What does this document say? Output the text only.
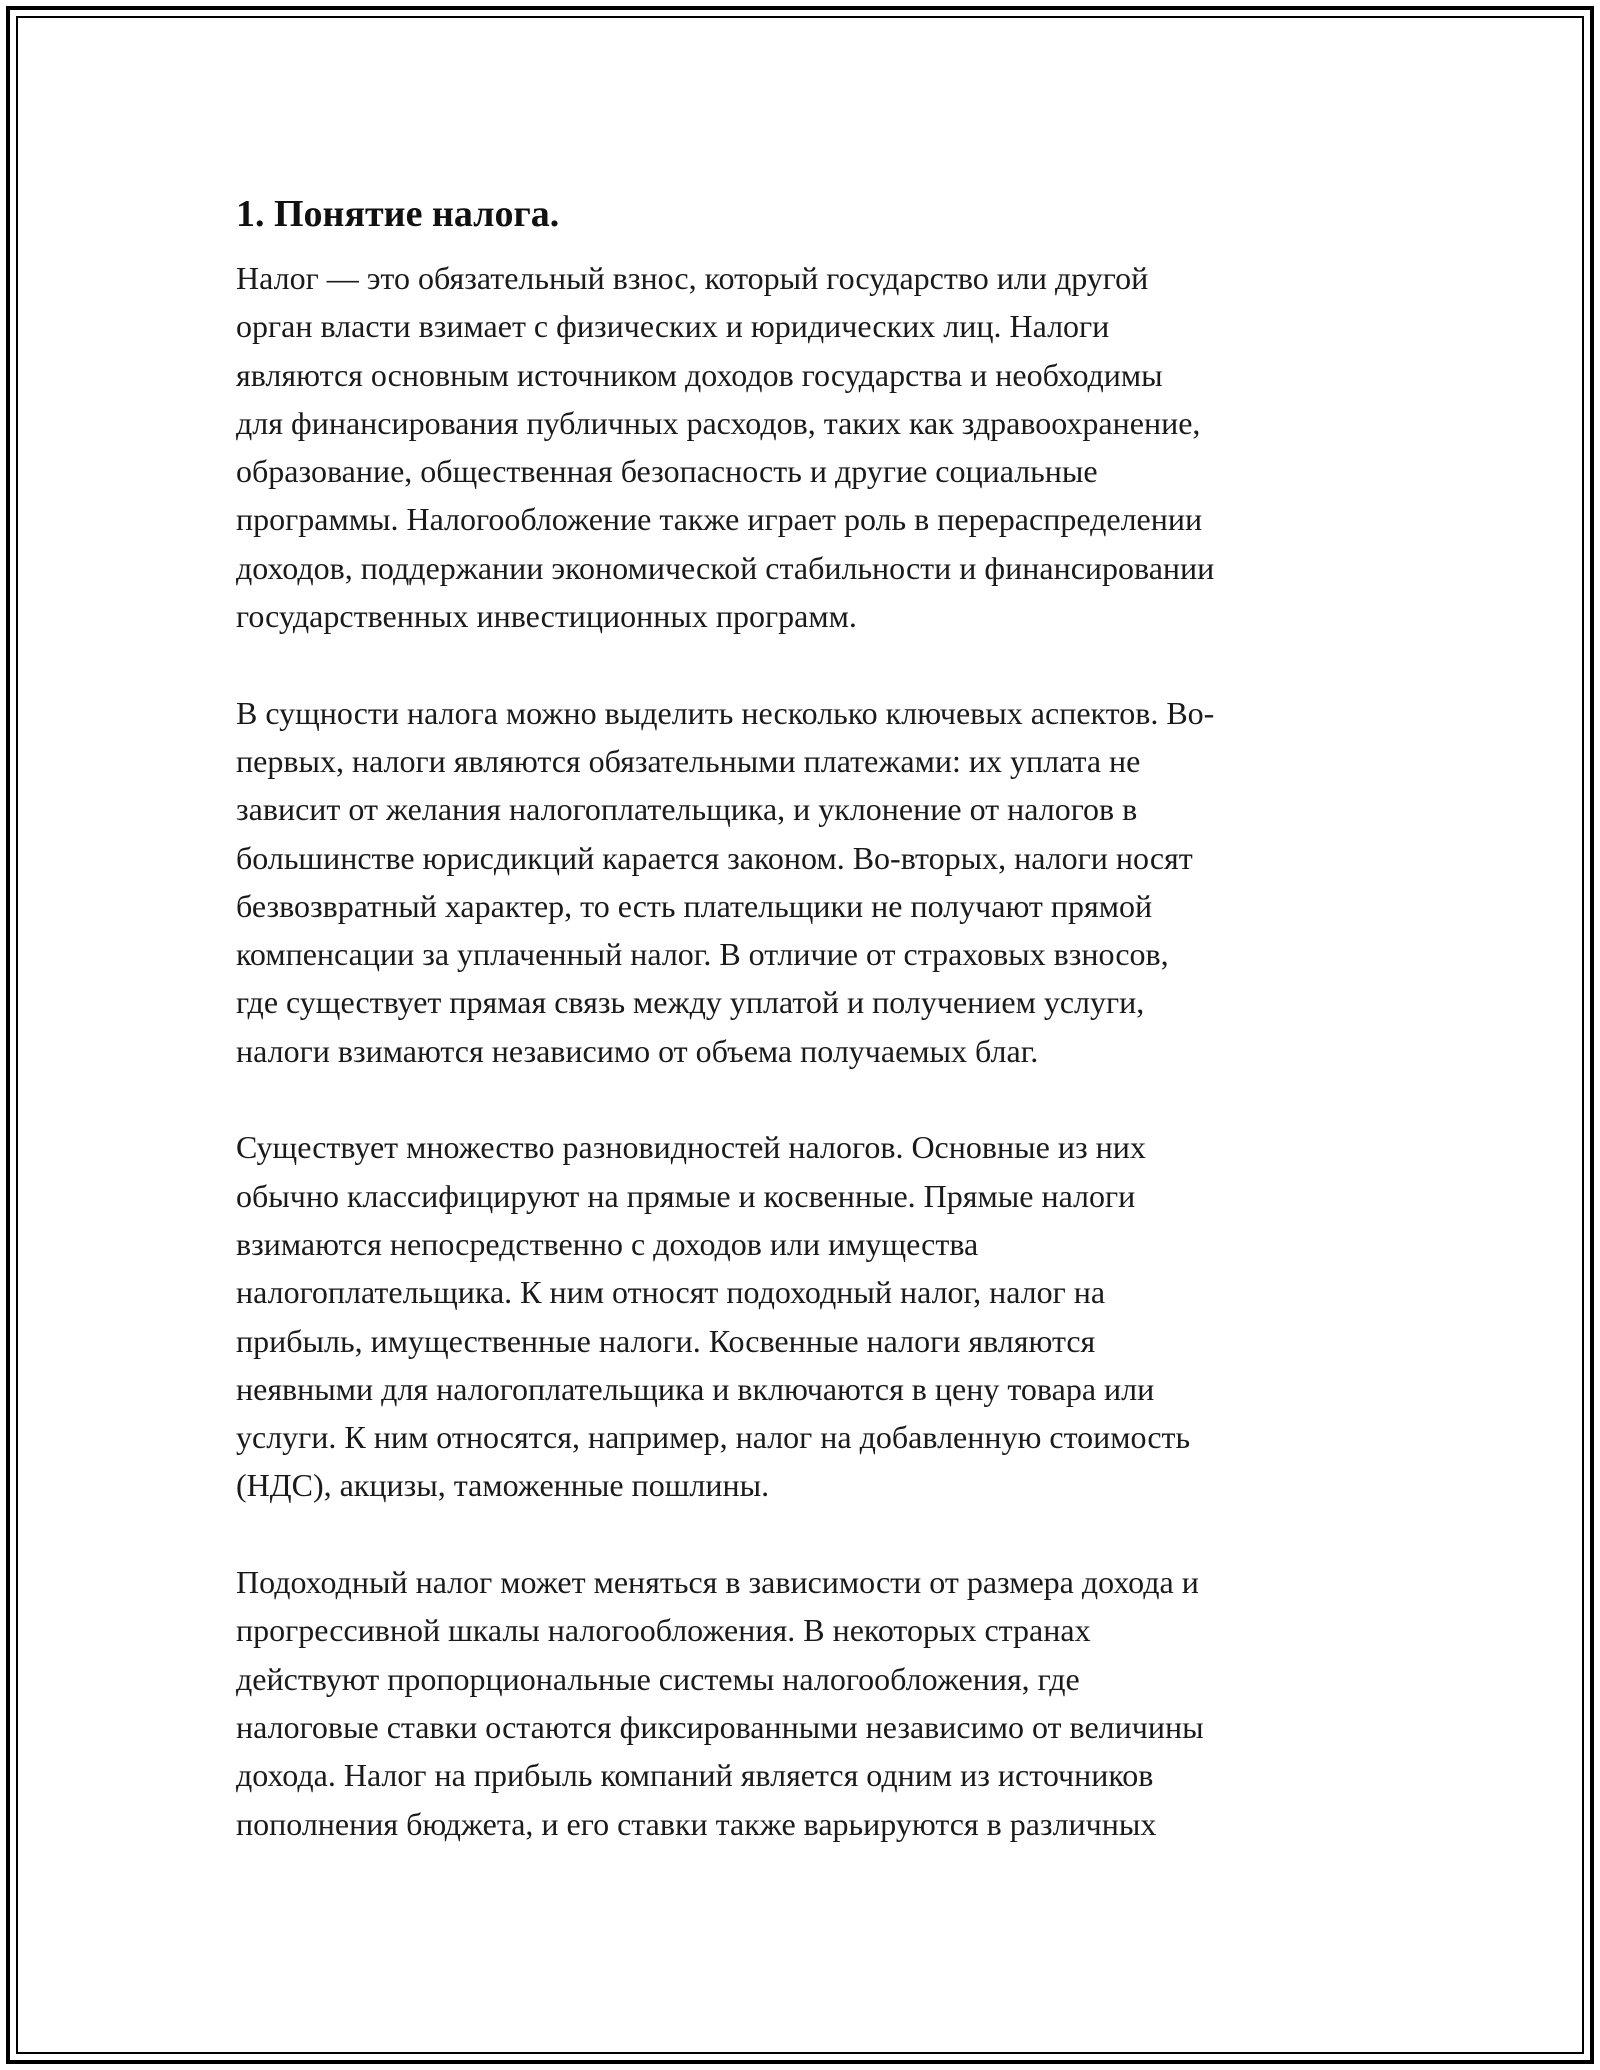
1. Понятие налога.
Налог — это обязательный взнос, который государство или другой
орган власти взимает с физических и юридических лиц. Налоги
являются основным источником доходов государства и необходимы
для финансирования публичных расходов, таких как здравоохранение,
образование, общественная безопасность и другие социальные
программы. Налогообложение также играет роль в перераспределении
доходов, поддержании экономической стабильности и финансировании
государственных инвестиционных программ.
В сущности налога можно выделить несколько ключевых аспектов. Во-
первых, налоги являются обязательными платежами: их уплата не
зависит от желания налогоплательщика, и уклонение от налогов в
большинстве юрисдикций карается законом. Во-вторых, налоги носят
безвозвратный характер, то есть плательщики не получают прямой
компенсации за уплаченный налог. В отличие от страховых взносов,
где существует прямая связь между уплатой и получением услуги,
налоги взимаются независимо от объема получаемых благ.
Существует множество разновидностей налогов. Основные из них
обычно классифицируют на прямые и косвенные. Прямые налоги
взимаются непосредственно с доходов или имущества
налогоплательщика. К ним относят подоходный налог, налог на
прибыль, имущественные налоги. Косвенные налоги являются
неявными для налогоплательщика и включаются в цену товара или
услуги. К ним относятся, например, налог на добавленную стоимость
(НДС), акцизы, таможенные пошлины.
Подоходный налог может меняться в зависимости от размера дохода и
прогрессивной шкалы налогообложения. В некоторых странах
действуют пропорциональные системы налогообложения, где
налоговые ставки остаются фиксированными независимо от величины
дохода. Налог на прибыль компаний является одним из источников
пополнения бюджета, и его ставки также варьируются в различных
